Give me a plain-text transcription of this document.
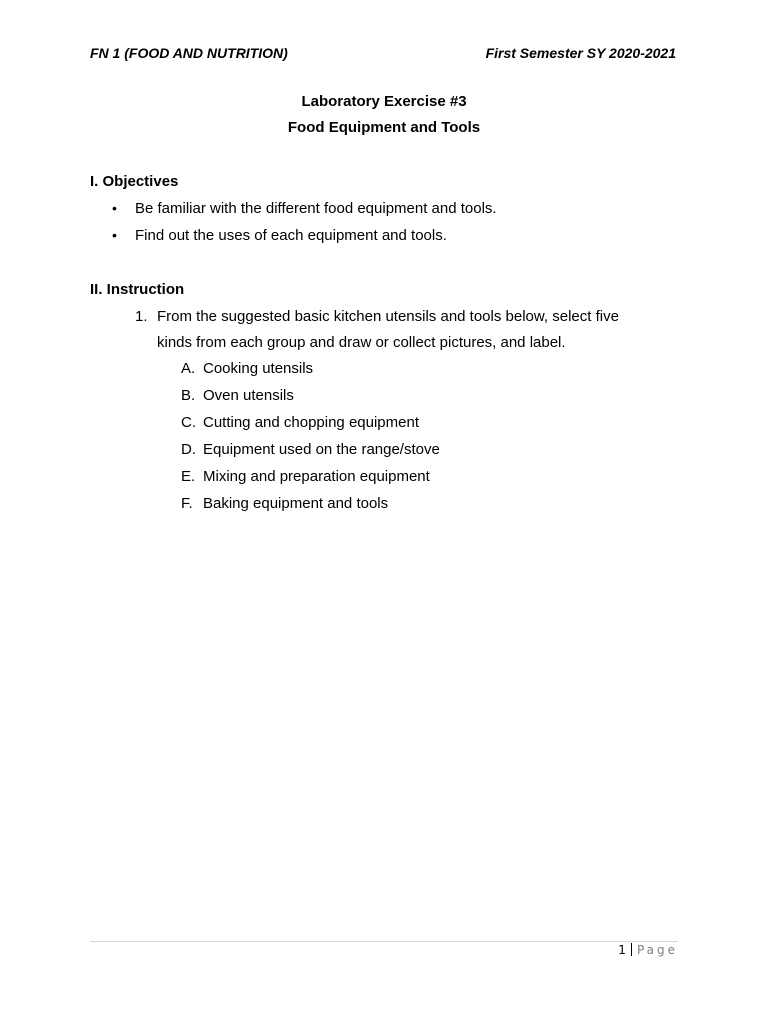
FN 1 (FOOD AND NUTRITION)	First Semester SY 2020-2021
Laboratory Exercise #3
Food Equipment and Tools
I. Objectives
•	Be familiar with the different food equipment and tools.
•	Find out the uses of each equipment and tools.
II. Instruction
1. From the suggested basic kitchen utensils and tools below, select five
kinds from each group and draw or collect pictures, and label.
A. Cooking utensils
B. Oven utensils
C. Cutting and chopping equipment
D. Equipment used on the range/stove
E. Mixing and preparation equipment
F. Baking equipment and tools
1 Page
